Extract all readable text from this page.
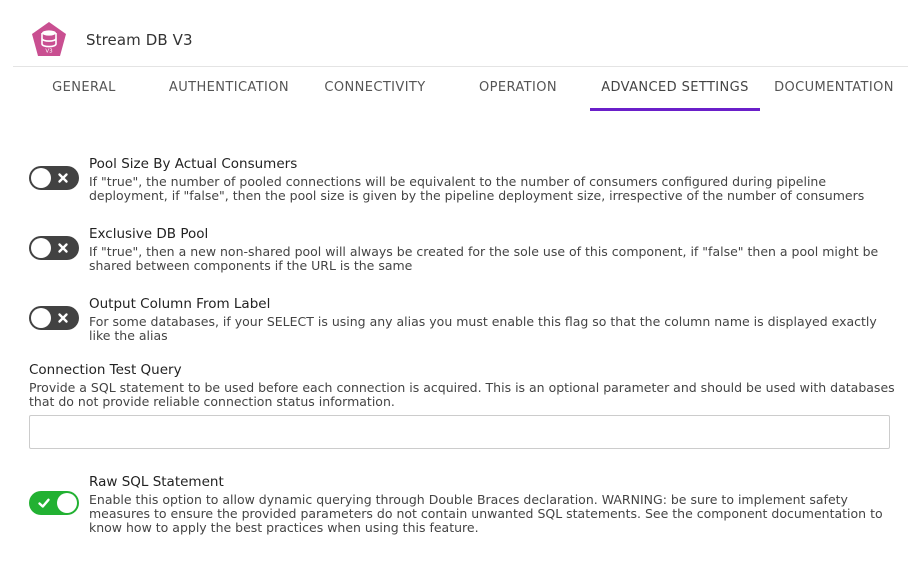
V3
Stream DB V3
GENERAL	AUTHENTICATION	CONNECTIVITY	OPERATION	ADVANCED SETTINGS	DOCUMENTATION
Pool Size By Actual Consumers
If "true", the number of pooled connections will be equivalent to the number of consumers configured during pipeline deployment, if "false", then the pool size is given by the pipeline deployment size, irrespective of the number of consumers
Exclusive DB Pool
If "true", then a new non-shared pool will always be created for the sole use of this component, if "false" then a pool might be shared between components if the URL is the same
Output Column From Label
For some databases, if your SELECT is using any alias you must enable this flag so that the column name is displayed exactly like the alias
Connection Test Query
Provide a SQL statement to be used before each connection is acquired. This is an optional parameter and should be used with databases that do not provide reliable connection status information.
Raw SQL Statement
Enable this option to allow dynamic querying through Double Braces declaration. WARNING: be sure to implement safety measures to ensure the provided parameters do not contain unwanted SQL statements. See the component documentation to know how to apply the best practices when using this feature.
